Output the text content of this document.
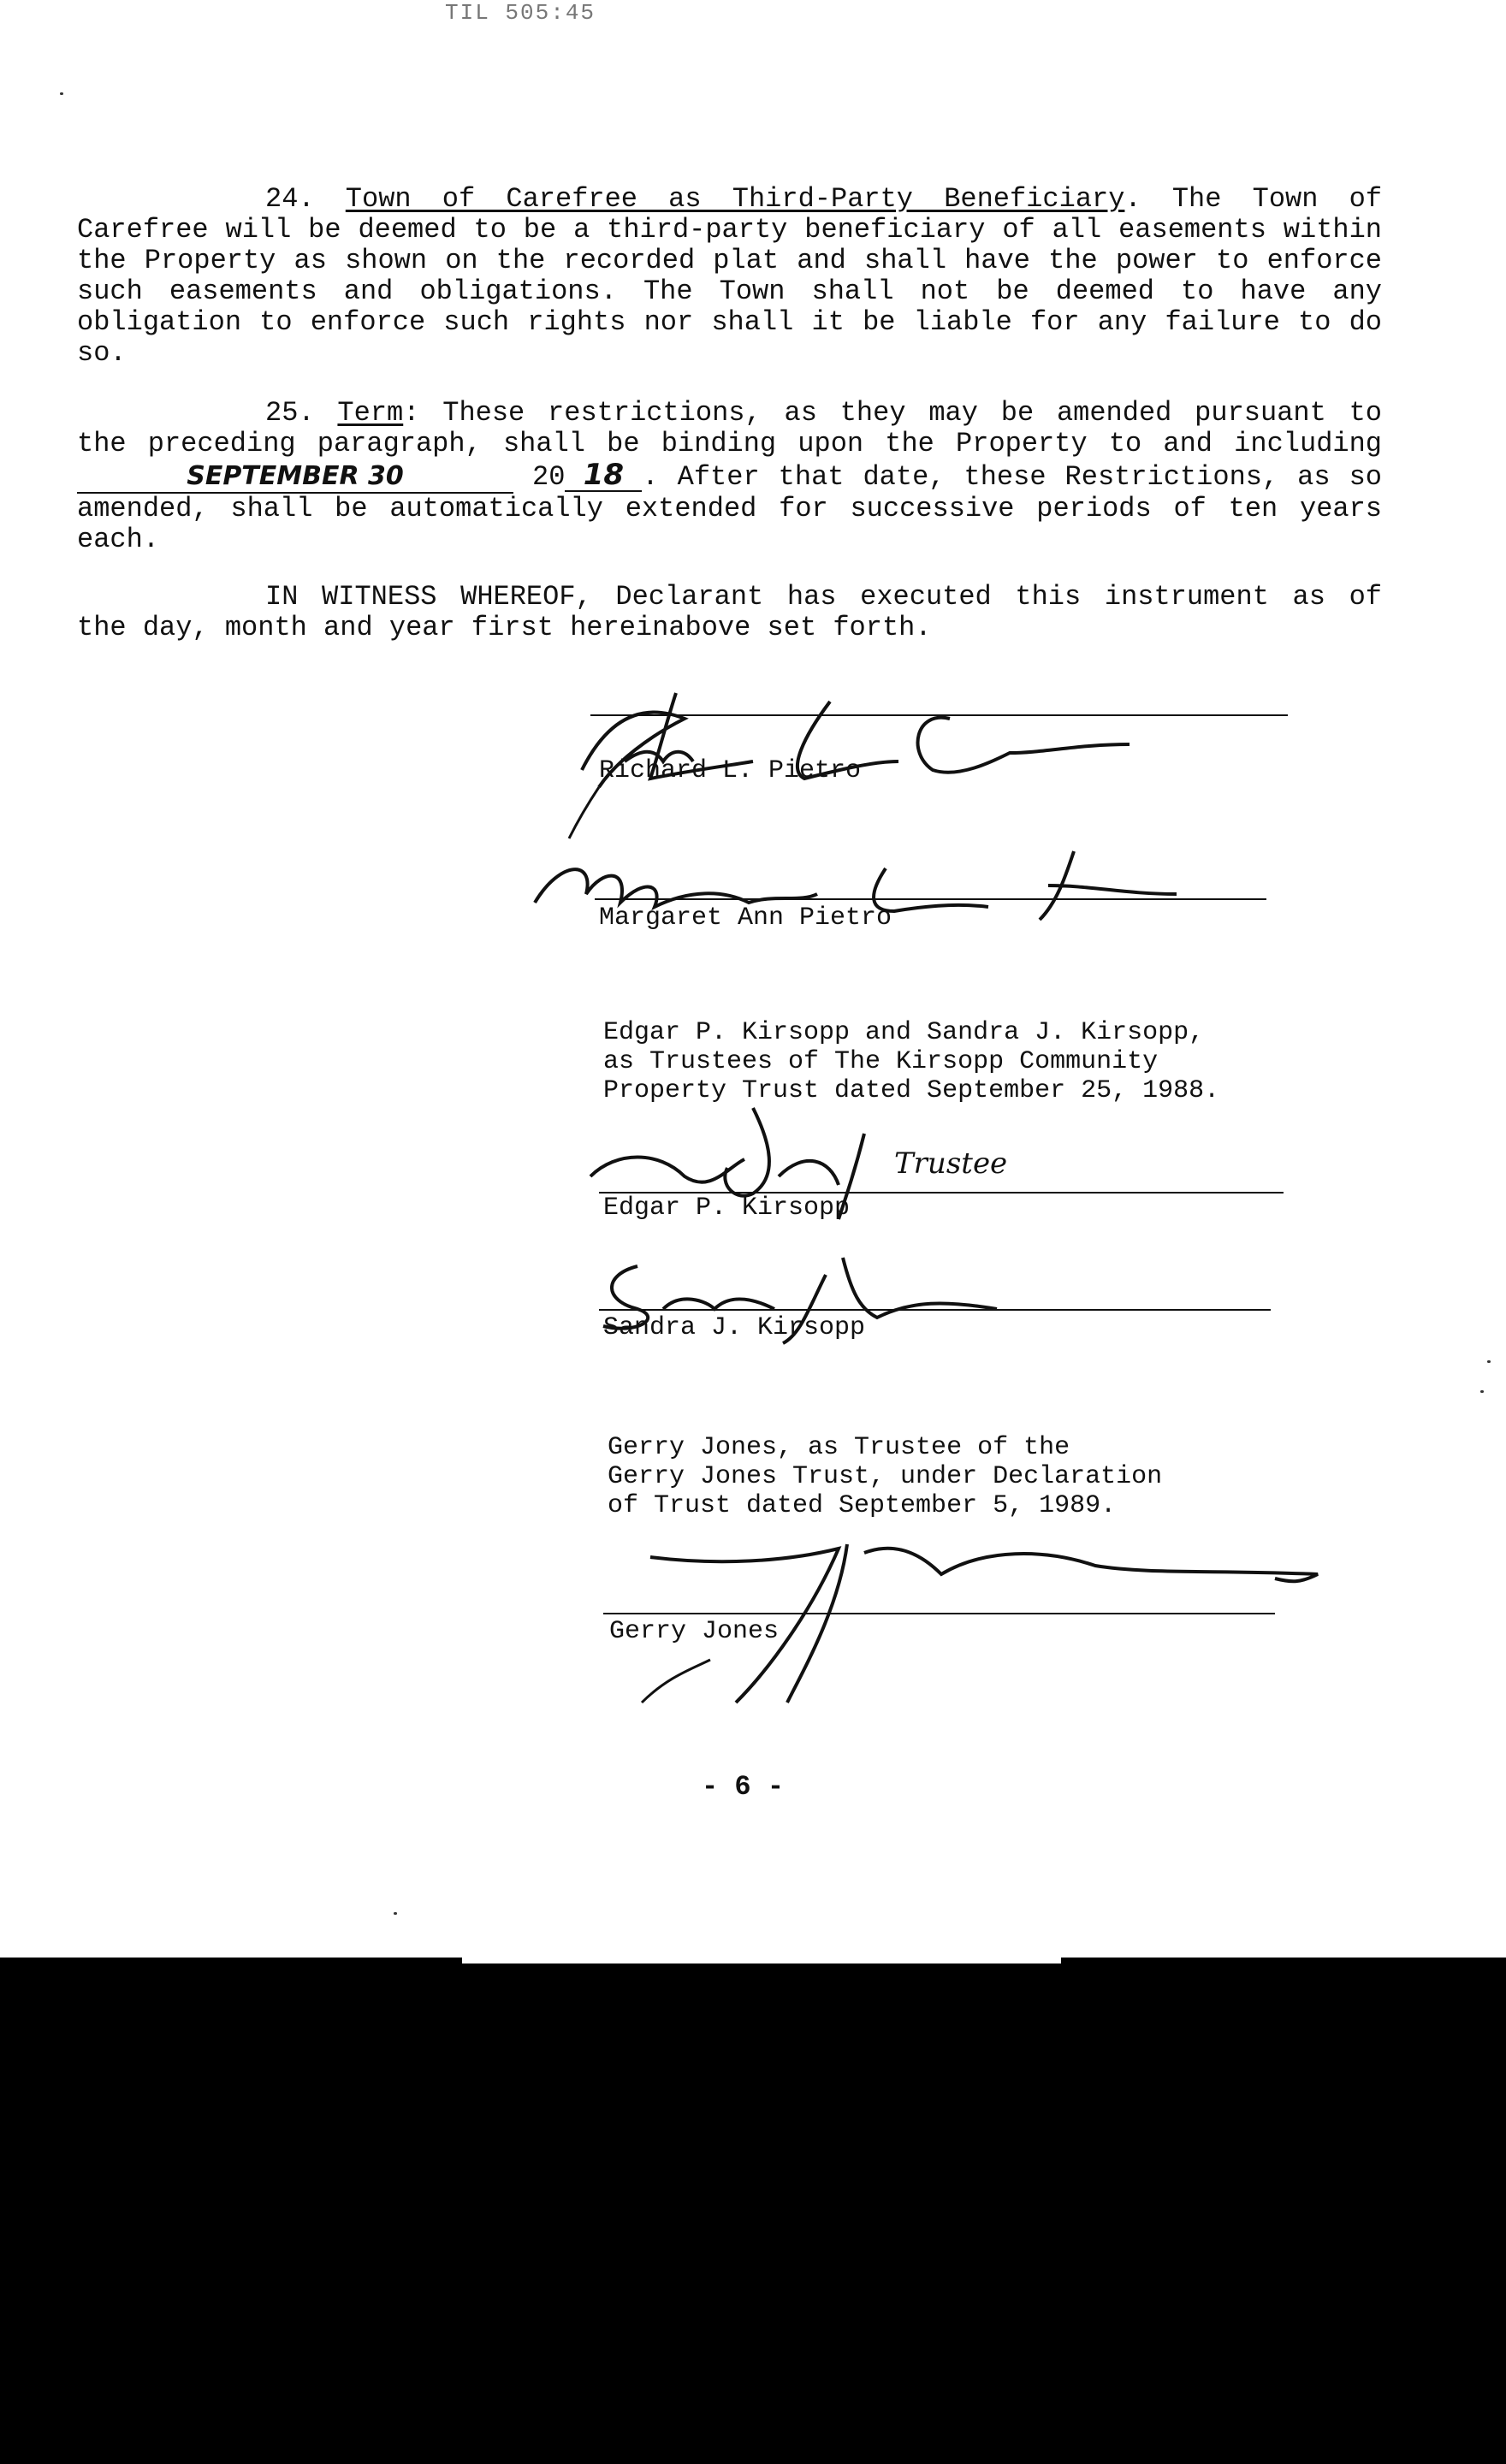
TIL 505:45
24. Town of Carefree as Third-Party Beneficiary. The Town of Carefree will be deemed to be a third-party beneficiary of all easements within the Property as shown on the recorded plat and shall have the power to enforce such easements and obligations. The Town shall not be deemed to have any obligation to enforce such rights nor shall it be liable for any failure to do so.
25. Term: These restrictions, as they may be amended pursuant to the preceding paragraph, shall be binding upon the Property to and including SEPTEMBER 30	20 18 . After that date, these Restrictions, as so amended, shall be automatically extended for successive periods of ten years each.
IN WITNESS WHEREOF, Declarant has executed this instrument as of the day, month and year first hereinabove set forth.
Richard L. Pietro
Margaret Ann Pietro
Edgar P. Kirsopp and Sandra J. Kirsopp,
as Trustees of The Kirsopp Community
Property Trust dated September 25, 1988.
Trustee
Edgar P. Kirsopp
Sandra J. Kirsopp
Gerry Jones, as Trustee of the
Gerry Jones Trust, under Declaration
of Trust dated September 5, 1989.
Gerry Jones
- 6 -
